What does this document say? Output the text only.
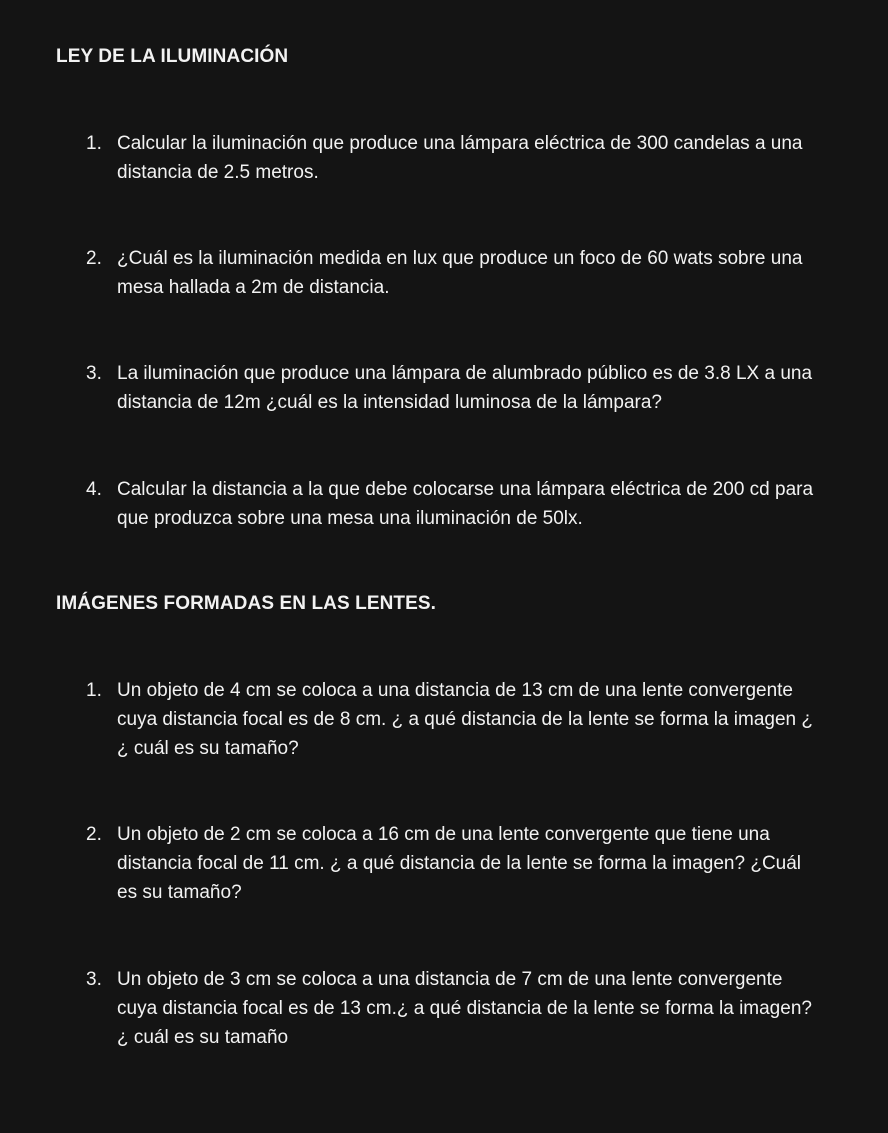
LEY DE LA ILUMINACIÓN
1. Calcular la iluminación que produce una lámpara eléctrica de 300 candelas a una distancia de 2.5 metros.
2. ¿Cuál es la iluminación medida en lux que produce un foco de 60 wats sobre una mesa hallada a 2m de distancia.
3. La iluminación que produce una lámpara de alumbrado público es de 3.8 LX a una distancia de 12m ¿cuál es la intensidad luminosa de la lámpara?
4. Calcular la distancia a la que debe colocarse una lámpara eléctrica de 200 cd para que produzca sobre una mesa una iluminación de 50lx.
IMÁGENES FORMADAS EN LAS LENTES.
1. Un objeto de 4 cm se coloca a una distancia de 13 cm de una lente convergente cuya distancia focal es de 8 cm. ¿ a qué distancia de la lente se forma la imagen ¿ ¿ cuál es su tamaño?
2. Un objeto de 2 cm se coloca a 16 cm de una lente convergente que tiene una distancia focal de 11 cm. ¿ a qué distancia de la lente se forma la imagen? ¿Cuál es su tamaño?
3. Un objeto de 3 cm se coloca a una distancia de 7 cm de una lente convergente cuya distancia focal es de 13 cm.¿ a qué distancia de la lente se forma la imagen? ¿ cuál es su tamaño
